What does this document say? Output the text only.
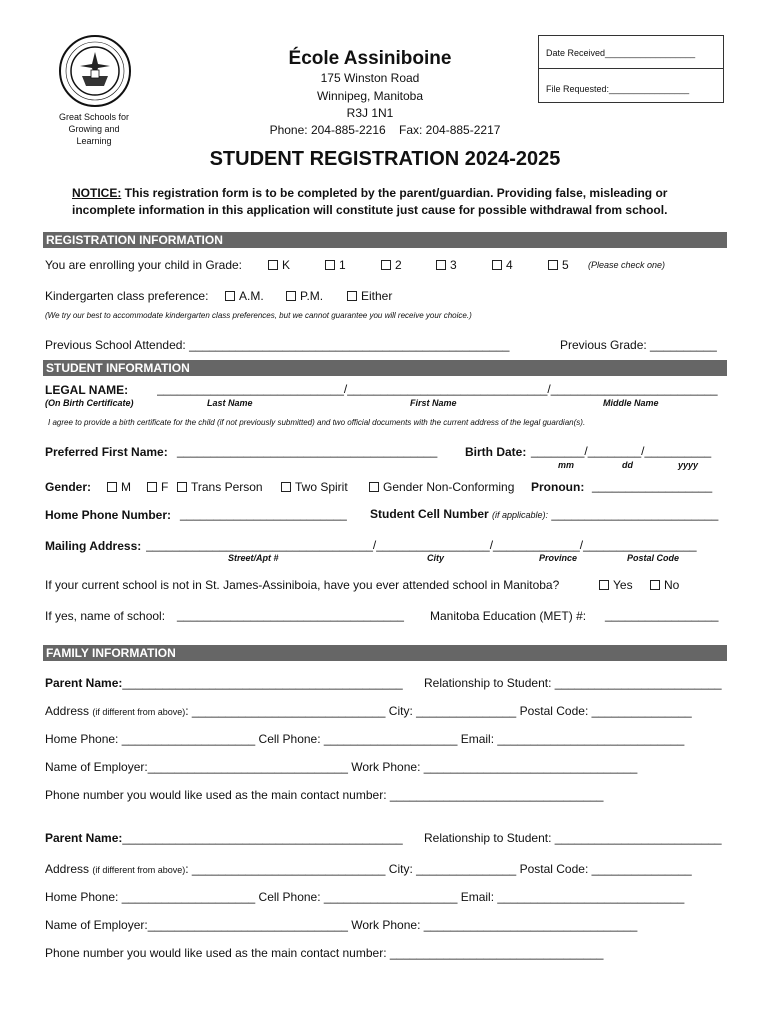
Great Schools for
Growing and
Learning
École Assiniboine
175 Winston Road
Winnipeg, Manitoba
R3J 1N1
Phone: 204-885-2216    Fax: 204-885-2217
Date Received__________________
File Requested:________________
STUDENT REGISTRATION 2024-2025
NOTICE: This registration form is to be completed by the parent/guardian. Providing false, misleading or
incomplete information in this application will constitute just cause for possible withdrawal from school.
REGISTRATION INFORMATION
You are enrolling your child in Grade:	K	1	2	3	4	5 (Please check one)
Kindergarten class preference:	A.M.	P.M.	Either
(We try our best to accommodate kindergarten class preferences, but we cannot guarantee you will receive your choice.)
Previous School Attended: ________________________________________________	Previous Grade: __________
STUDENT INFORMATION
LEGAL NAME: ____________________________/______________________________/_________________________
(On Birth Certificate)	Last Name	First Name	Middle Name
I agree to provide a birth certificate for the child (if not previously submitted) and two official documents with the current address of the legal guardian(s).
Preferred First Name: _______________________________________ Birth Date: ________/________/__________
mm	dd	yyyy
Gender:	M	F	Trans Person	Two Spirit	Gender Non-Conforming Pronoun: __________________
Home Phone Number: _________________________ Student Cell Number (if applicable): _________________________
Mailing Address: __________________________________/_________________/_____________/_________________
Street/Apt #	City	Province	Postal Code
If your current school is not in St. James-Assiniboia, have you ever attended school in Manitoba?	Yes	No
If yes, name of school: __________________________________ Manitoba Education (MET) #: _________________
FAMILY INFORMATION
Parent Name:__________________________________________ Relationship to Student: _________________________
Address (if different from above): _____________________________ City: _______________ Postal Code: _______________
Home Phone: ____________________ Cell Phone: ____________________ Email: ____________________________
Name of Employer:______________________________ Work Phone: ________________________________
Phone number you would like used as the main contact number: ________________________________
Parent Name:__________________________________________ Relationship to Student: _________________________
Address (if different from above): _____________________________ City: _______________ Postal Code: _______________
Home Phone: ____________________ Cell Phone: ____________________ Email: ____________________________
Name of Employer:______________________________ Work Phone: ________________________________
Phone number you would like used as the main contact number: ________________________________
